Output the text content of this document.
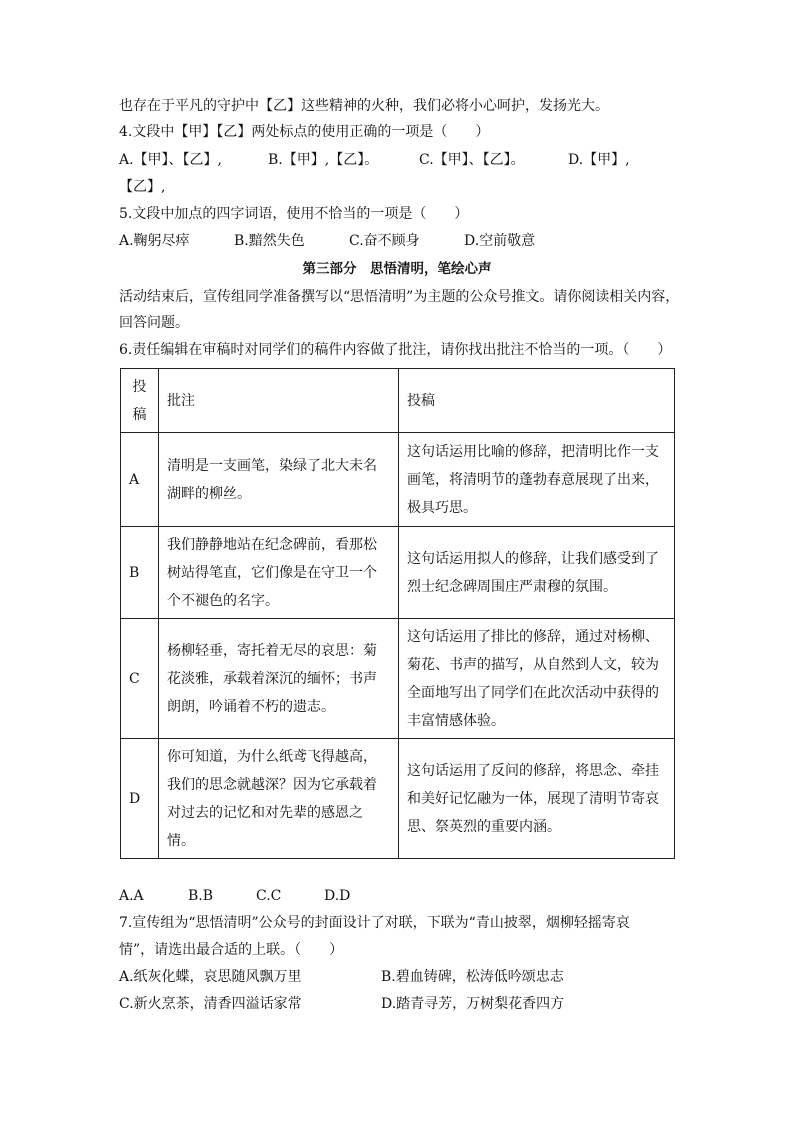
也存在于平凡的守护中【乙】这些精神的火种，我们必将小心呵护，发扬光大。
4.文段中【甲】【乙】两处标点的使用正确的一项是（　　）
A.【甲】、【乙】,	B.【甲】,【乙】。	C.【甲】、【乙】。	D.【甲】,
【乙】,
5.文段中加点的四字词语，使用不恰当的一项是（　　）
A.鞠躬尽瘁	B.黯然失色	C.奋不顾身	D.空前敬意
第三部分　思悟清明，笔绘心声
活动结束后，宣传组同学准备撰写以“思悟清明”为主题的公众号推文。请你阅读相关内容，
回答问题。
6.责任编辑在审稿时对同学们的稿件内容做了批注，请你找出批注不恰当的一项。（　　）
投
稿	批注	投稿
A	清明是一支画笔，染绿了北大未名
湖畔的柳丝。	这句话运用比喻的修辞，把清明比作一支
画笔，将清明节的蓬勃春意展现了出来，
极具巧思。

B	我们静静地站在纪念碑前，看那松
树站得笔直，它们像是在守卫一个
个不褪色的名字。	这句话运用拟人的修辞，让我们感受到了
烈士纪念碑周围庄严肃穆的氛围。

C	杨柳轻垂，寄托着无尽的哀思：菊
花淡雅，承载着深沉的缅怀；书声
朗朗，吟诵着不朽的遗志。	这句话运用了排比的修辞，通过对杨柳、
菊花、书声的描写，从自然到人文，较为
全面地写出了同学们在此次活动中获得的
丰富情感体验。

D	你可知道，为什么纸鸢飞得越高，
我们的思念就越深？因为它承载着
对过去的记忆和对先辈的感恩之
情。	这句话运用了反问的修辞，将思念、牵挂
和美好记忆融为一体，展现了清明节寄哀
思、祭英烈的重要内涵。
A.A	B.B	C.C	D.D
7.宣传组为“思悟清明”公众号的封面设计了对联，下联为“青山披翠，烟柳轻摇寄哀
情”，请选出最合适的上联。（　　）
A.纸灰化蝶，哀思随风飘万里	B.碧血铸碑，松涛低吟颂忠志
C.新火烹茶，清香四溢话家常	D.踏青寻芳，万树梨花香四方
